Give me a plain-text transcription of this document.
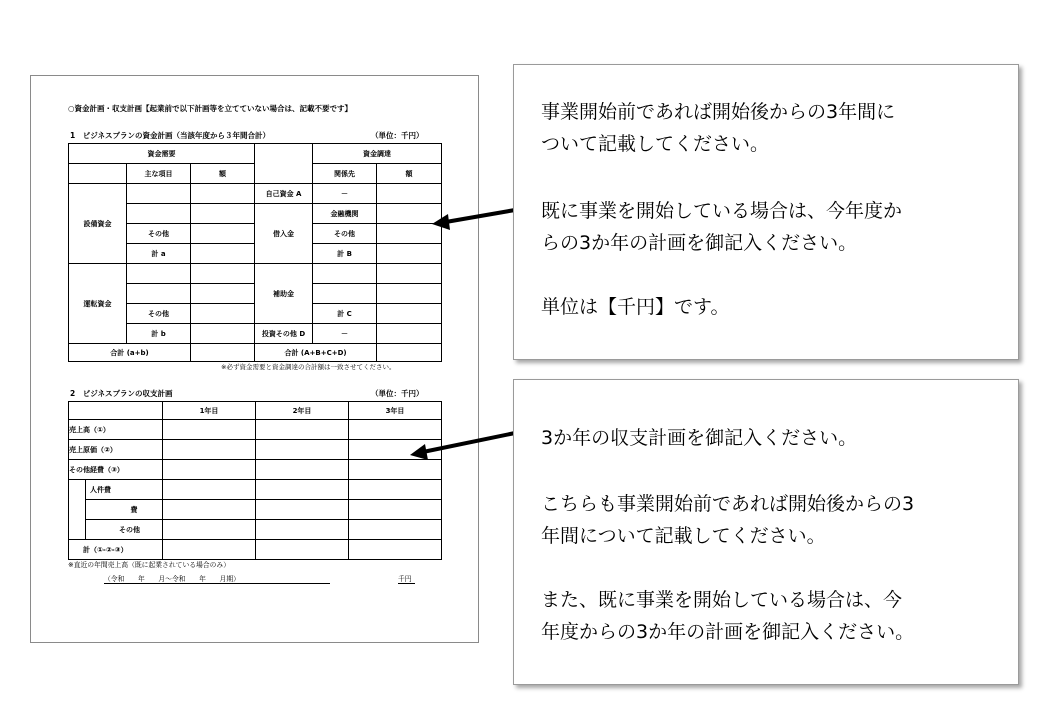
○資金計画・収支計画【起業前で以下計画等を立てていない場合は、記載不要です】
1　ビジネスプランの資金計画（当該年度から３年間合計）	（単位：千円）
資金需要				資金調達	
	主な項目	額		関係先	額
設備資金			自己資金 A	－	
			借入金	金融機関	
	その他			その他	
	計 a			計 B	
運転資金			補助金		

	その他			計 C	
	計 b		投資その他 D	－	
合計 (a+b)			合計 (A+B+C+D)		
※必ず資金需要と資金調達の合計額は一致させてください。
2　ビジネスプランの収支計画	（単位：千円）
		1年目	2年目	3年目
売上高（①）				
売上原価（②）				
その他経費（③）				
	人件費			
	費			
	その他			
計（①-②-③）				
※直近の年間売上高（既に起業されている場合のみ）
（令和　　年　　月～令和　　年　　月期）	千円

事業開始前であれば開始後からの3年間に

ついて記載してください。

既に事業を開始している場合は、今年度か

らの3か年の計画を御記入ください。

単位は【千円】です。

3か年の収支計画を御記入ください。

こちらも事業開始前であれば開始後からの3

年間について記載してください。

また、既に事業を開始している場合は、今

年度からの3か年の計画を御記入ください。
